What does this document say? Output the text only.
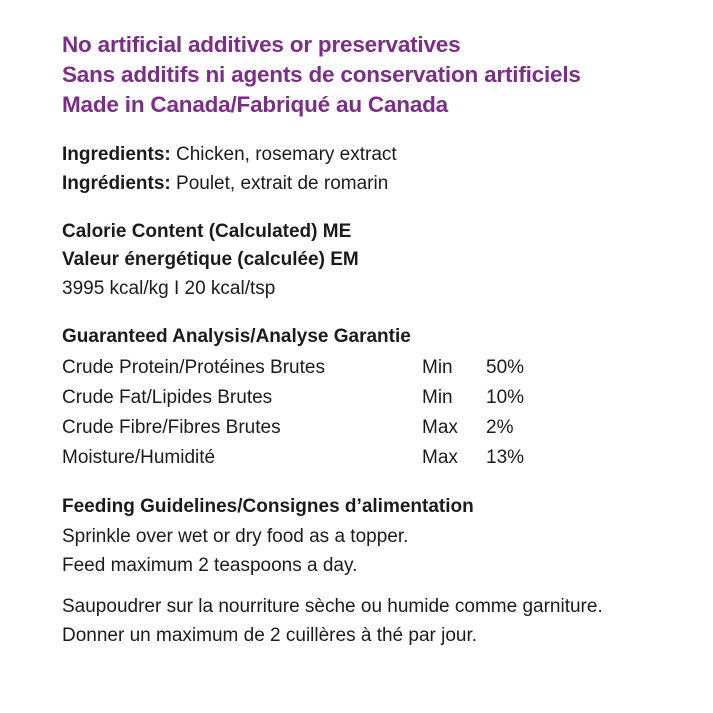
No artificial additives or preservatives
Sans additifs ni agents de conservation artificiels
Made in Canada/Fabriqué au Canada
Ingredients: Chicken, rosemary extract
Ingrédients: Poulet, extrait de romarin
Calorie Content (Calculated) ME
Valeur énergétique (calculée) EM
3995 kcal/kg I 20 kcal/tsp
Guaranteed Analysis/Analyse Garantie
Crude Protein/Protéines Brutes	Min	50%
Crude Fat/Lipides Brutes	Min	10%
Crude Fibre/Fibres Brutes	Max	2%
Moisture/Humidité	Max	13%
Feeding Guidelines/Consignes d’alimentation
Sprinkle over wet or dry food as a topper.
Feed maximum 2 teaspoons a day.
Saupoudrer sur la nourriture sèche ou humide comme garniture.
Donner un maximum de 2 cuillères à thé par jour.
